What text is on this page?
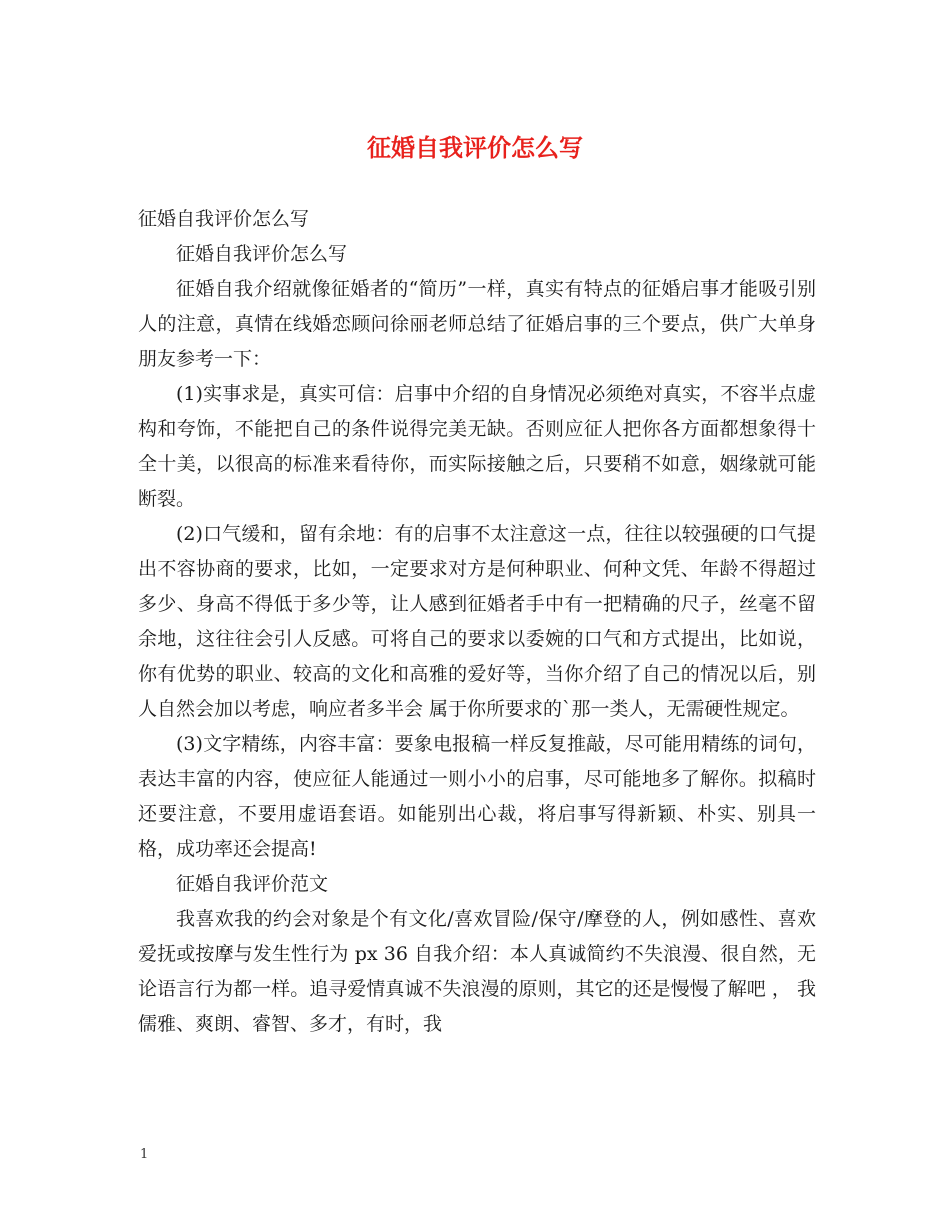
征婚自我评价怎么写

征婚自我评价怎么写

征婚自我评价怎么写

征婚自我介绍就像征婚者的“简历”一样，真实有特点的征婚启事才能吸引别人的注意，真情在线婚恋顾问徐丽老师总结了征婚启事的三个要点，供广大单身朋友参考一下：

(1)实事求是，真实可信：启事中介绍的自身情况必须绝对真实，不容半点虚构和夸饰，不能把自己的条件说得完美无缺。否则应征人把你各方面都想象得十全十美，以很高的标准来看待你，而实际接触之后，只要稍不如意，姻缘就可能断裂。

(2)口气缓和，留有余地：有的启事不太注意这一点，往往以较强硬的口气提出不容协商的要求，比如，一定要求对方是何种职业、何种文凭、年龄不得超过多少、身高不得低于多少等，让人感到征婚者手中有一把精确的尺子，丝毫不留余地，这往往会引人反感。可将自己的要求以委婉的口气和方式提出，比如说，你有优势的职业、较高的文化和高雅的爱好等，当你介绍了自己的情况以后，别人自然会加以考虑，响应者多半会 属于你所要求的`那一类人，无需硬性规定。

(3)文字精练，内容丰富：要象电报稿一样反复推敲，尽可能用精练的词句，表达丰富的内容，使应征人能通过一则小小的启事，尽可能地多了解你。拟稿时还要注意，不要用虚语套语。如能别出心裁，将启事写得新颖、朴实、别具一格，成功率还会提高!

征婚自我评价范文

我喜欢我的约会对象是个有文化/喜欢冒险/保守/摩登的人，例如感性、喜欢爱抚或按摩与发生性行为 px 36 自我介绍：本人真诚简约不失浪漫、很自然，无论语言行为都一样。追寻爱情真诚不失浪漫的原则，其它的还是慢慢了解吧 ， 我儒雅、爽朗、睿智、多才，有时，我

1
